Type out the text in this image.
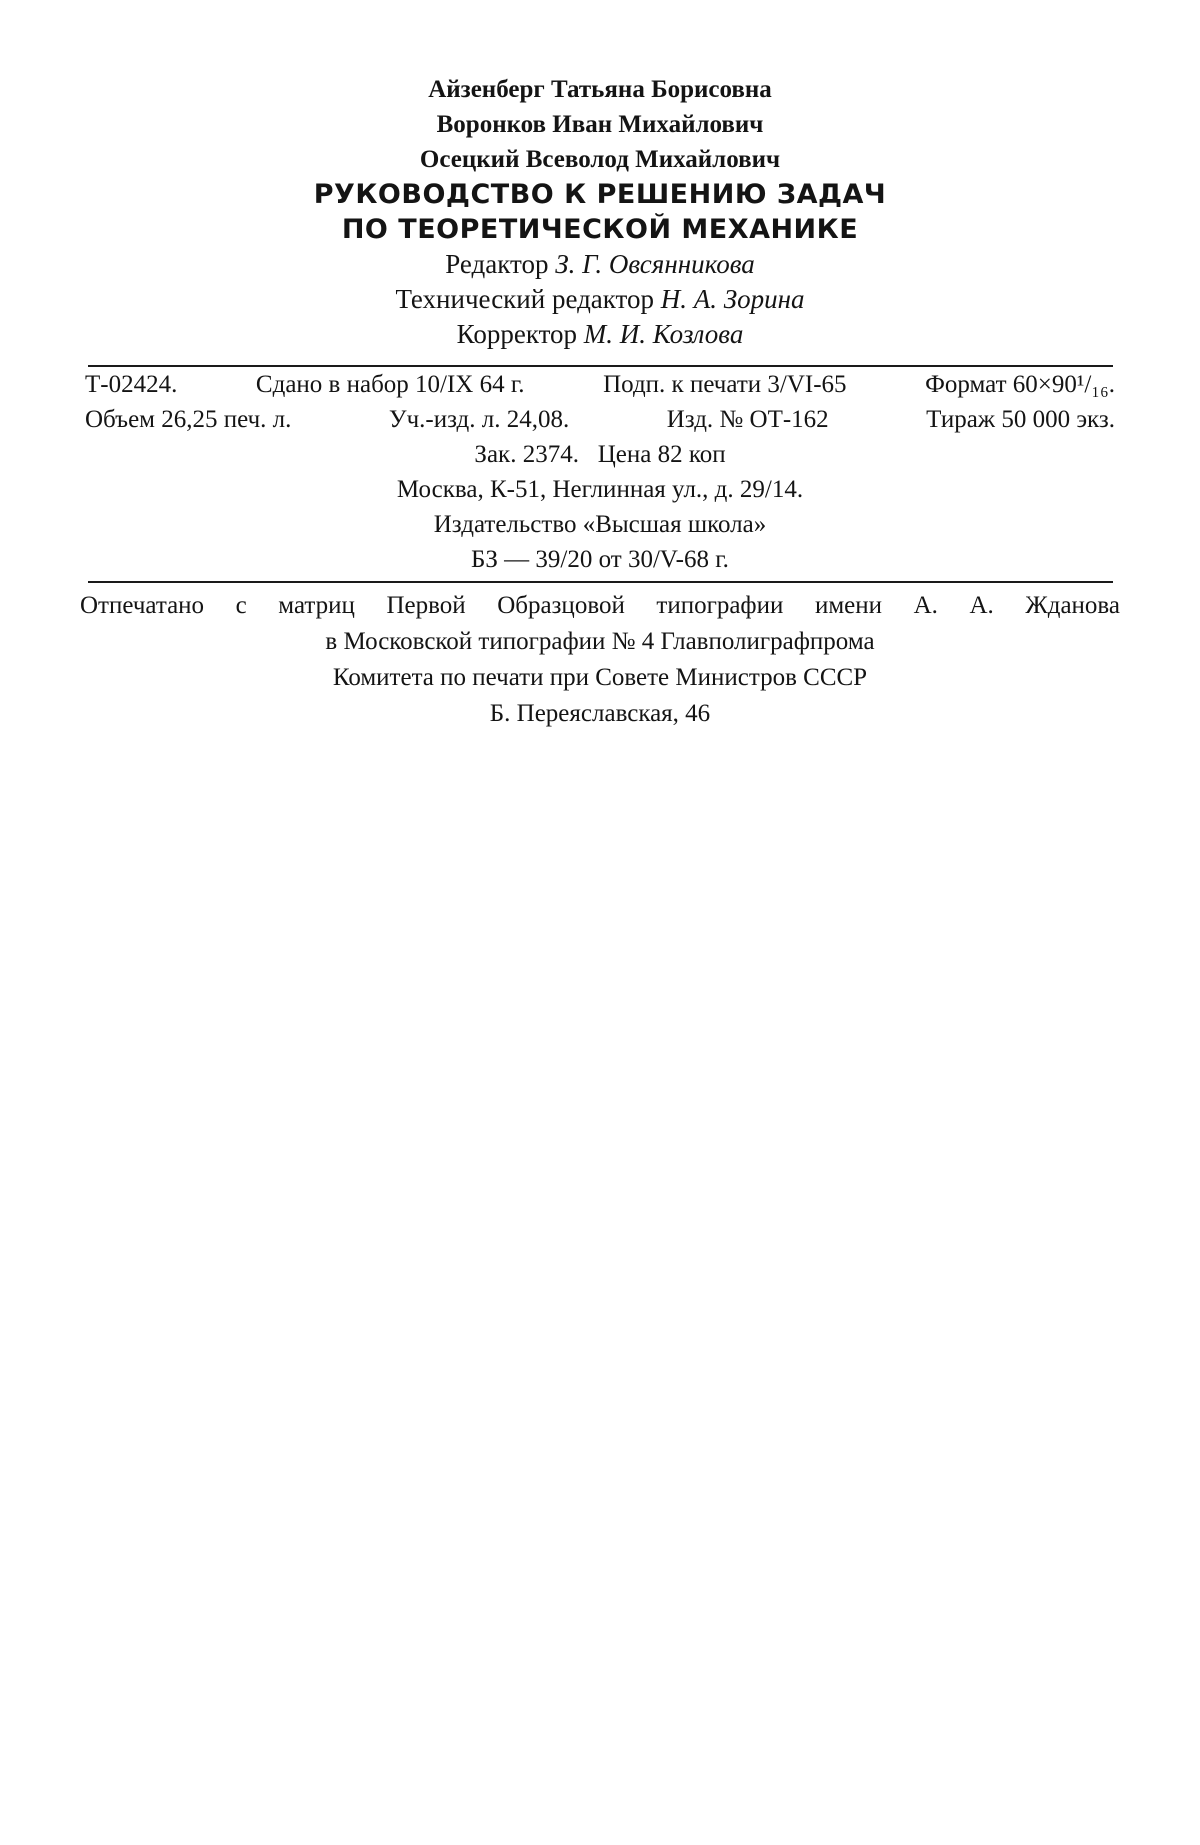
Айзенберг Татьяна Борисовна
Воронков Иван Михайлович
Осецкий Всеволод Михайлович
РУКОВОДСТВО К РЕШЕНИЮ ЗАДАЧ
ПО ТЕОРЕТИЧЕСКОЙ МЕХАНИКЕ
Редактор З. Г. Овсянникова
Технический редактор Н. А. Зорина
Корректор М. И. Козлова
Т-02424.	Сдано в набор 10/IX 64 г.	Подп. к печати 3/VI-65	Формат 60×90¹/₁₆.
Объем 26,25 печ. л.	Уч.-изд. л. 24,08.	Изд. № ОТ-162	Тираж 50 000 экз.
Зак. 2374.   Цена 82 коп
Москва, К-51, Неглинная ул., д. 29/14.
Издательство «Высшая школа»
БЗ — 39/20 от 30/V-68 г.
Отпечатано с матриц Первой Образцовой типографии имени А. А. Жданова
в Московской типографии № 4 Главполиграфпрома
Комитета по печати при Совете Министров СССР
Б. Переяславская, 46
